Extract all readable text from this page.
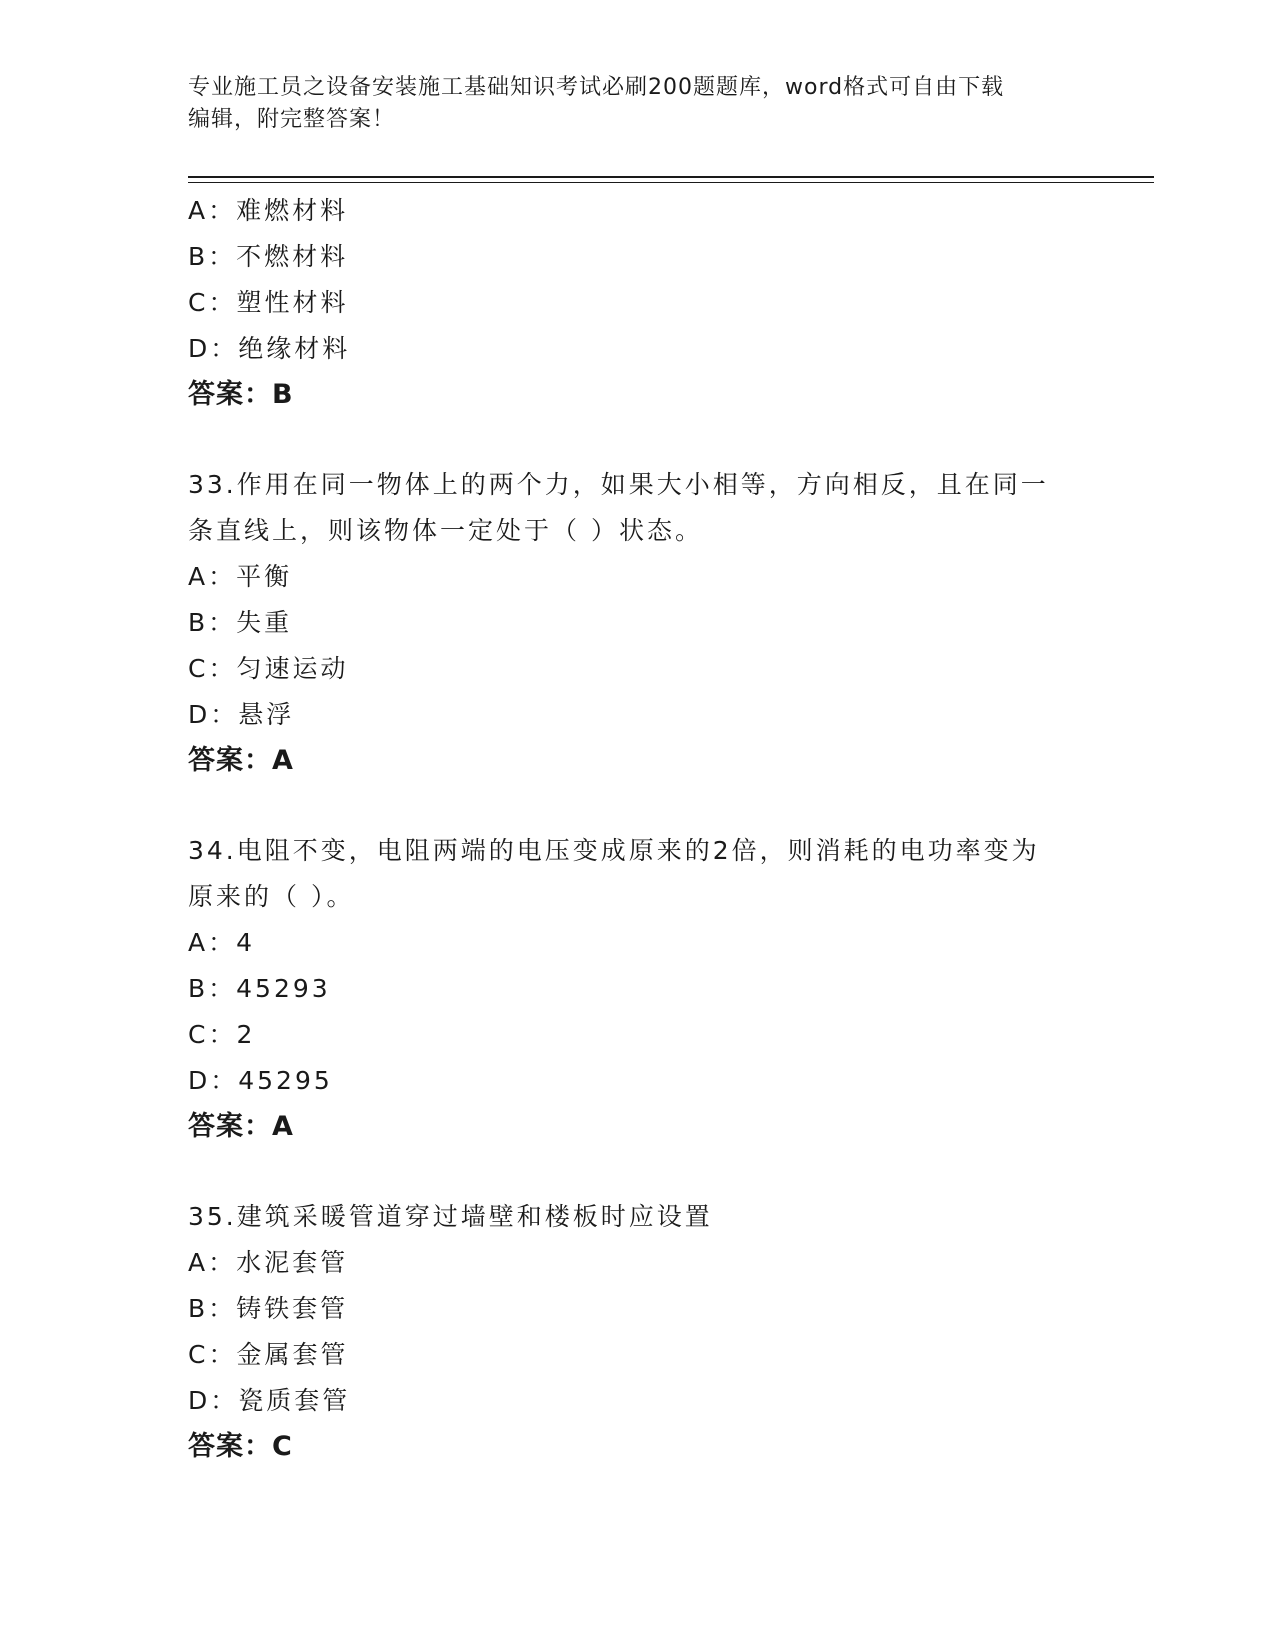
专业施工员之设备安装施工基础知识考试必刷200题题库，word格式可自由下载
编辑，附完整答案！
A：难燃材料
B：不燃材料
C：塑性材料
D：绝缘材料
答案：B
33.作用在同一物体上的两个力，如果大小相等，方向相反，且在同一
条直线上，则该物体一定处于（ ）状态。
A：平衡
B：失重
C：匀速运动
D：悬浮
答案：A
34.电阻不变，电阻两端的电压变成原来的2倍，则消耗的电功率变为
原来的（ ）。
A：4
B：45293
C：2
D：45295
答案：A
35.建筑采暖管道穿过墙壁和楼板时应设置
A：水泥套管
B：铸铁套管
C：金属套管
D：瓷质套管
答案：C
